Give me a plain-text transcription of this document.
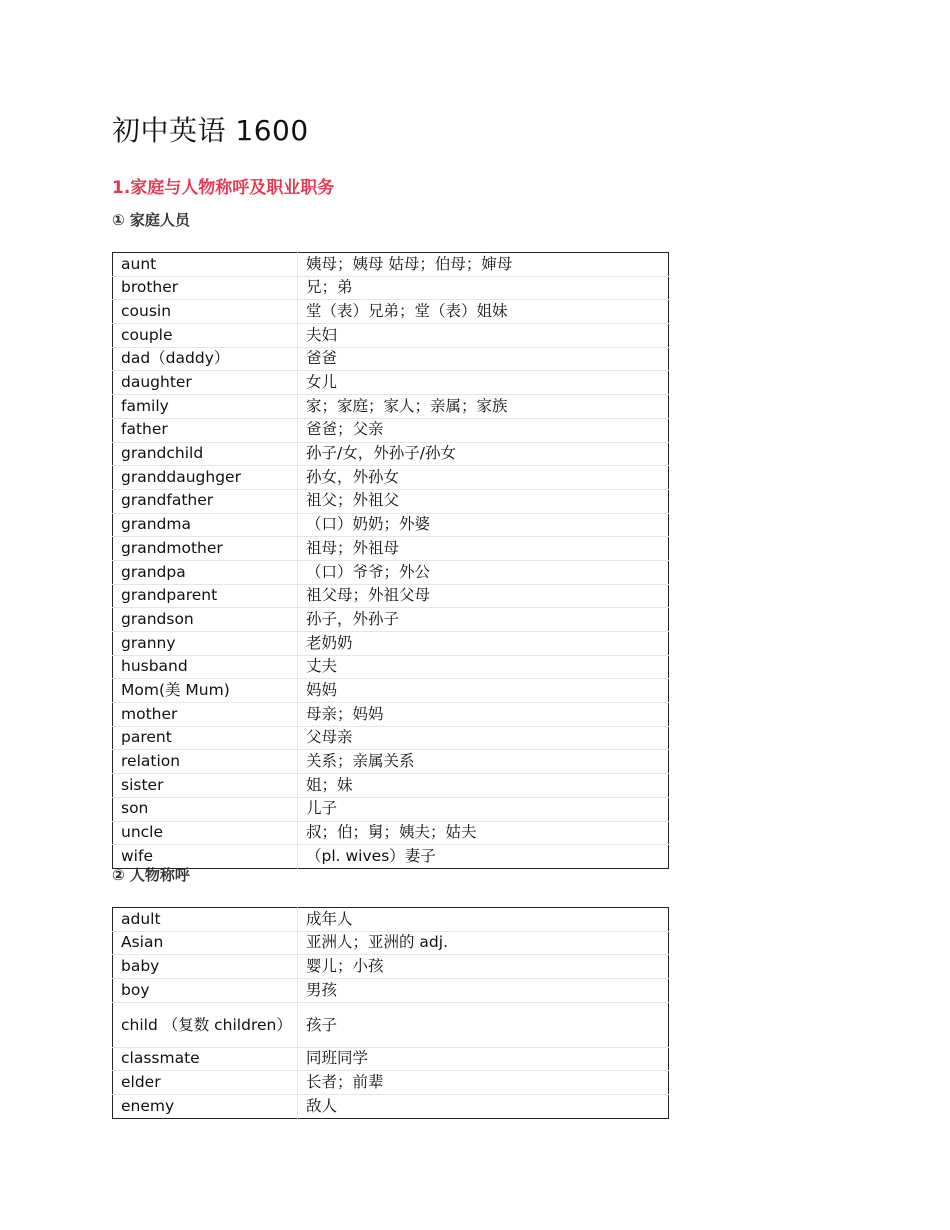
初中英语 1600
1.家庭与人物称呼及职业职务
① 家庭人员
aunt	姨母；姨母 姑母；伯母；婶母
brother	兄；弟
cousin	堂（表）兄弟；堂（表）姐妹
couple	夫妇
dad（daddy）	爸爸
daughter	女儿
family	家；家庭；家人；亲属；家族
father	爸爸；父亲
grandchild	孙子/女，外孙子/孙女
granddaughger	孙女，外孙女
grandfather	祖父；外祖父
grandma	（口）奶奶；外婆
grandmother	祖母；外祖母
grandpa	（口）爷爷；外公
grandparent	祖父母；外祖父母
grandson	孙子，外孙子
granny	老奶奶
husband	丈夫
Mom(美 Mum)	妈妈
mother	母亲；妈妈
parent	父母亲
relation	关系；亲属关系
sister	姐；妹
son	儿子
uncle	叔；伯；舅；姨夫；姑夫
wife	（pl. wives）妻子
② 人物称呼
adult	成年人
Asian	亚洲人；亚洲的 adj.
baby	婴儿；小孩
boy	男孩
child （复数 children）	孩子
classmate	同班同学
elder	长者；前辈
enemy	敌人
